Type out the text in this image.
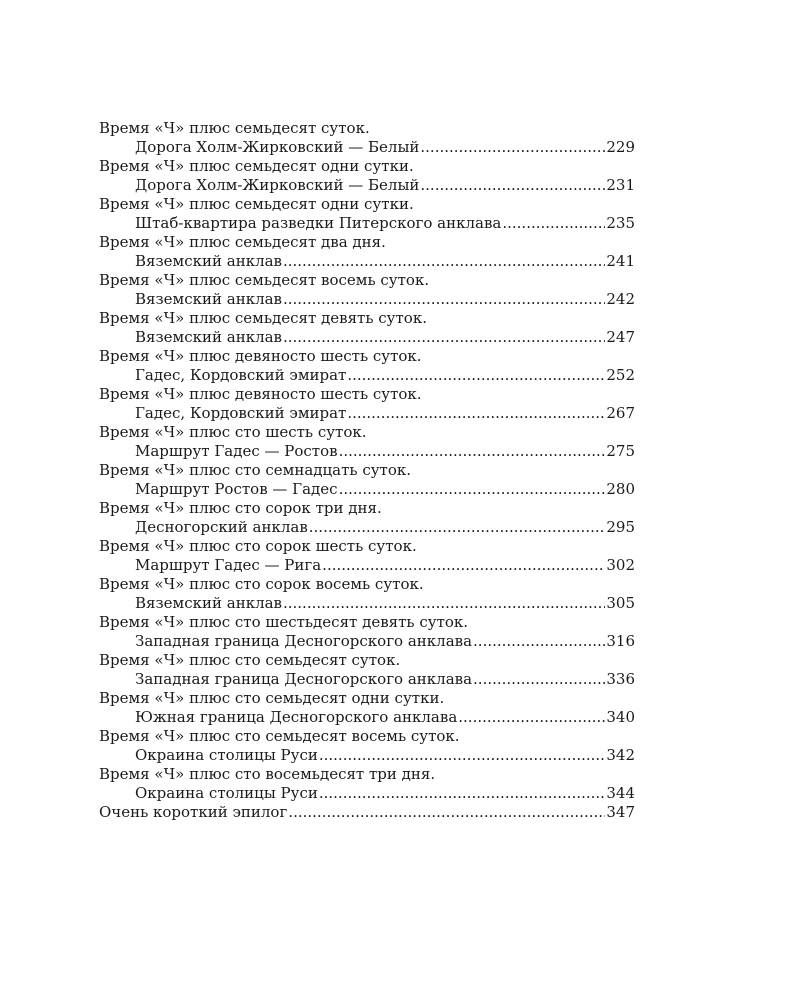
Время «Ч» плюс семьдесят суток.
Дорога Холм-Жирковский — Белый .....	229
Время «Ч» плюс семьдесят одни сутки.
Дорога Холм-Жирковский — Белый .....	231
Время «Ч» плюс семьдесят одни сутки.
Штаб-квартира разведки Питерского анклава .....	235
Время «Ч» плюс семьдесят два дня.
Вяземский анклав .....	241
Время «Ч» плюс семьдесят восемь суток.
Вяземский анклав .....	242
Время «Ч» плюс семьдесят девять суток.
Вяземский анклав .....	247
Время «Ч» плюс девяносто шесть суток.
Гадес, Кордовский эмират .....	252
Время «Ч» плюс девяносто шесть суток.
Гадес, Кордовский эмират .....	267
Время «Ч» плюс сто шесть суток.
Маршрут Гадес — Ростов .....	275
Время «Ч» плюс сто семнадцать суток.
Маршрут Ростов — Гадес .....	280
Время «Ч» плюс сто сорок три дня.
Десногорский анклав .....	295
Время «Ч» плюс сто сорок шесть суток.
Маршрут Гадес — Рига .....	302
Время «Ч» плюс сто сорок восемь суток.
Вяземский анклав .....	305
Время «Ч» плюс сто шестьдесят девять суток.
Западная граница Десногорского анклава .....	316
Время «Ч» плюс сто семьдесят суток.
Западная граница Десногорского анклава .....	336
Время «Ч» плюс сто семьдесят одни сутки.
Южная граница Десногорского анклава .....	340
Время «Ч» плюс сто семьдесят восемь суток.
Окраина столицы Руси .....	342
Время «Ч» плюс сто восемьдесят три дня.
Окраина столицы Руси .....	344
Очень короткий эпилог .....	347
